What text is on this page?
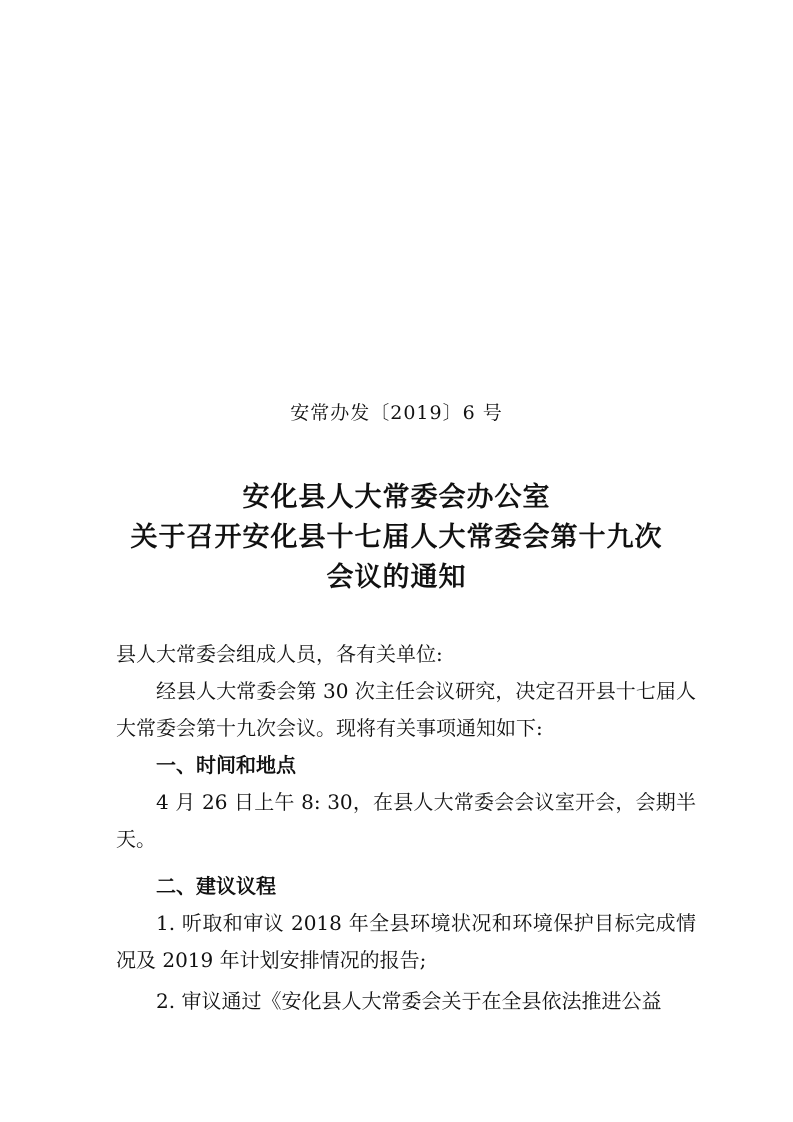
安常办发〔2019〕6 号
安化县人大常委会办公室
关于召开安化县十七届人大常委会第十九次
会议的通知

县人大常委会组成人员，各有关单位:

经县人大常委会第 30 次主任会议研究，决定召开县十七届人大常委会第十九次会议。现将有关事项通知如下:

一、时间和地点

4 月 26 日上午 8: 30，在县人大常委会会议室开会，会期半天。

二、建议议程

1. 听取和审议 2018 年全县环境状况和环境保护目标完成情况及 2019 年计划安排情况的报告;

2. 审议通过《安化县人大常委会关于在全县依法推进公益
